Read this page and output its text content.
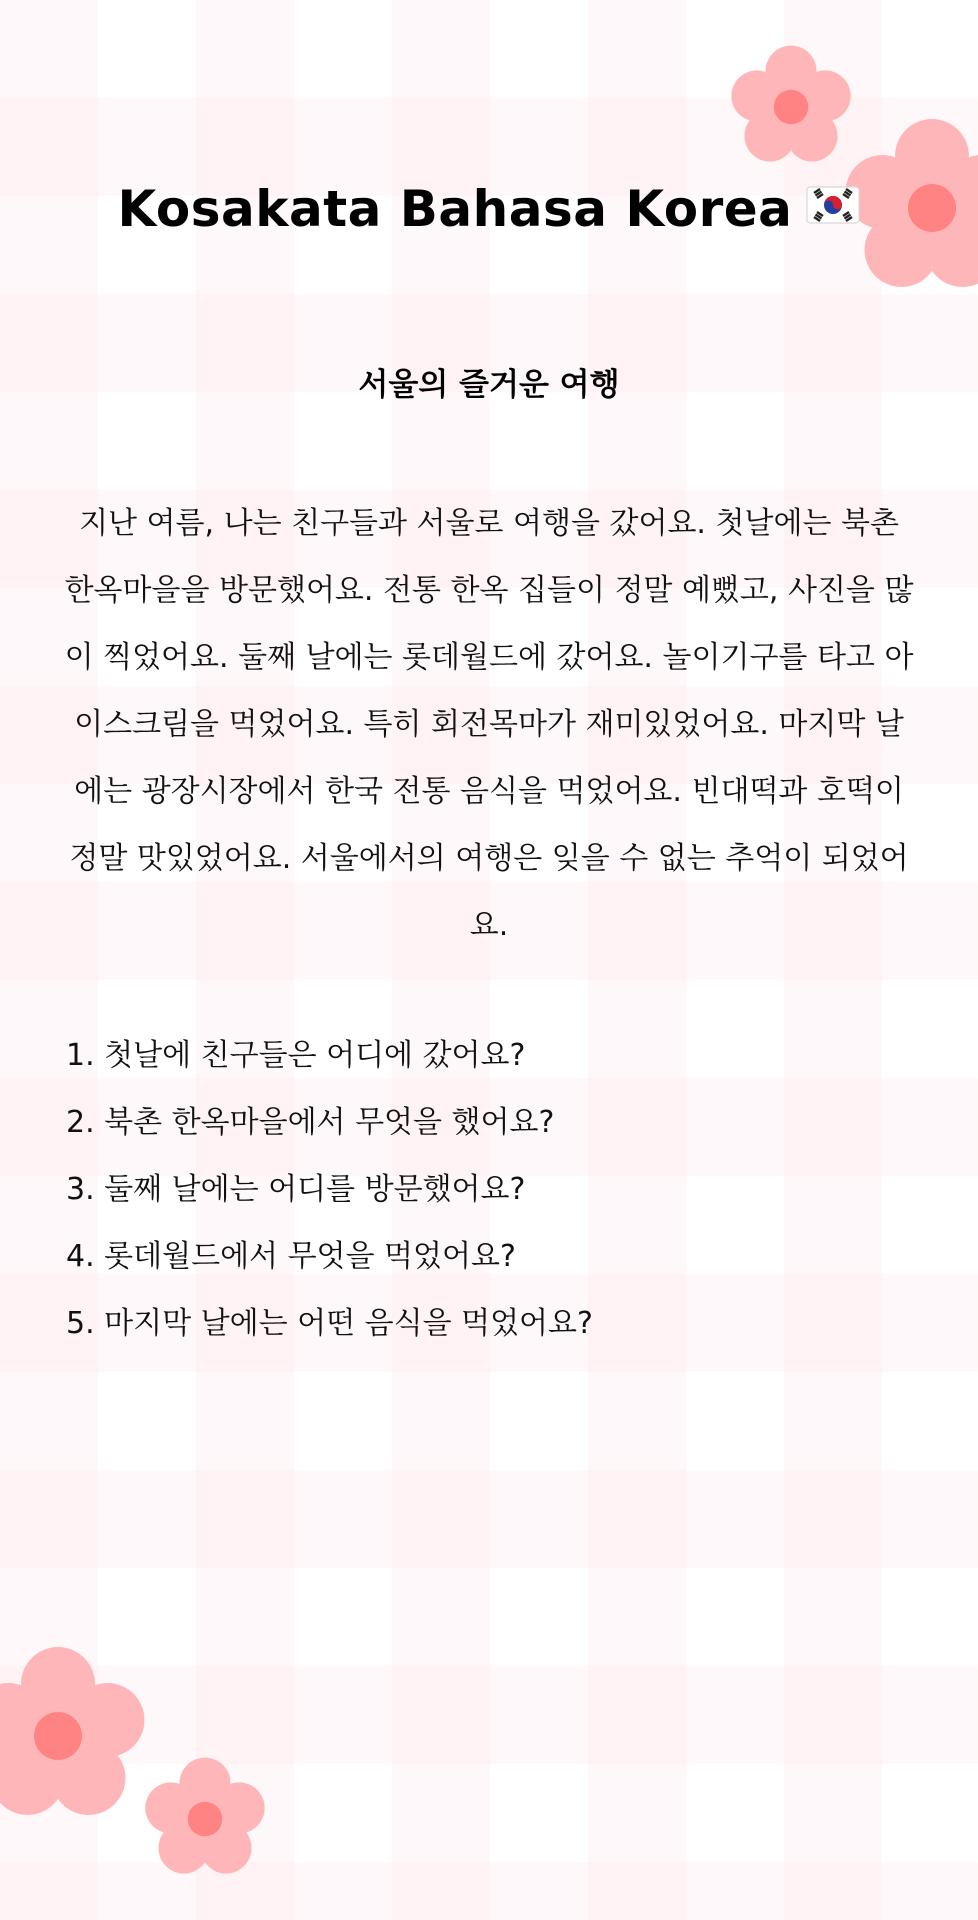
Kosakata Bahasa Korea
서울의 즐거운 여행

지난 여름, 나는 친구들과 서울로 여행을 갔어요. 첫날에는 북촌 한옥마을을 방문했어요. 전통 한옥 집들이 정말 예뻤고, 사진을 많이 찍었어요. 둘째 날에는 롯데월드에 갔어요. 놀이기구를 타고 아이스크림을 먹었어요. 특히 회전목마가 재미있었어요. 마지막 날에는 광장시장에서 한국 전통 음식을 먹었어요. 빈대떡과 호떡이 정말 맛있었어요. 서울에서의 여행은 잊을 수 없는 추억이 되었어요.

1. 첫날에 친구들은 어디에 갔어요?
2. 북촌 한옥마을에서 무엇을 했어요?
3. 둘째 날에는 어디를 방문했어요?
4. 롯데월드에서 무엇을 먹었어요?
5. 마지막 날에는 어떤 음식을 먹었어요?
